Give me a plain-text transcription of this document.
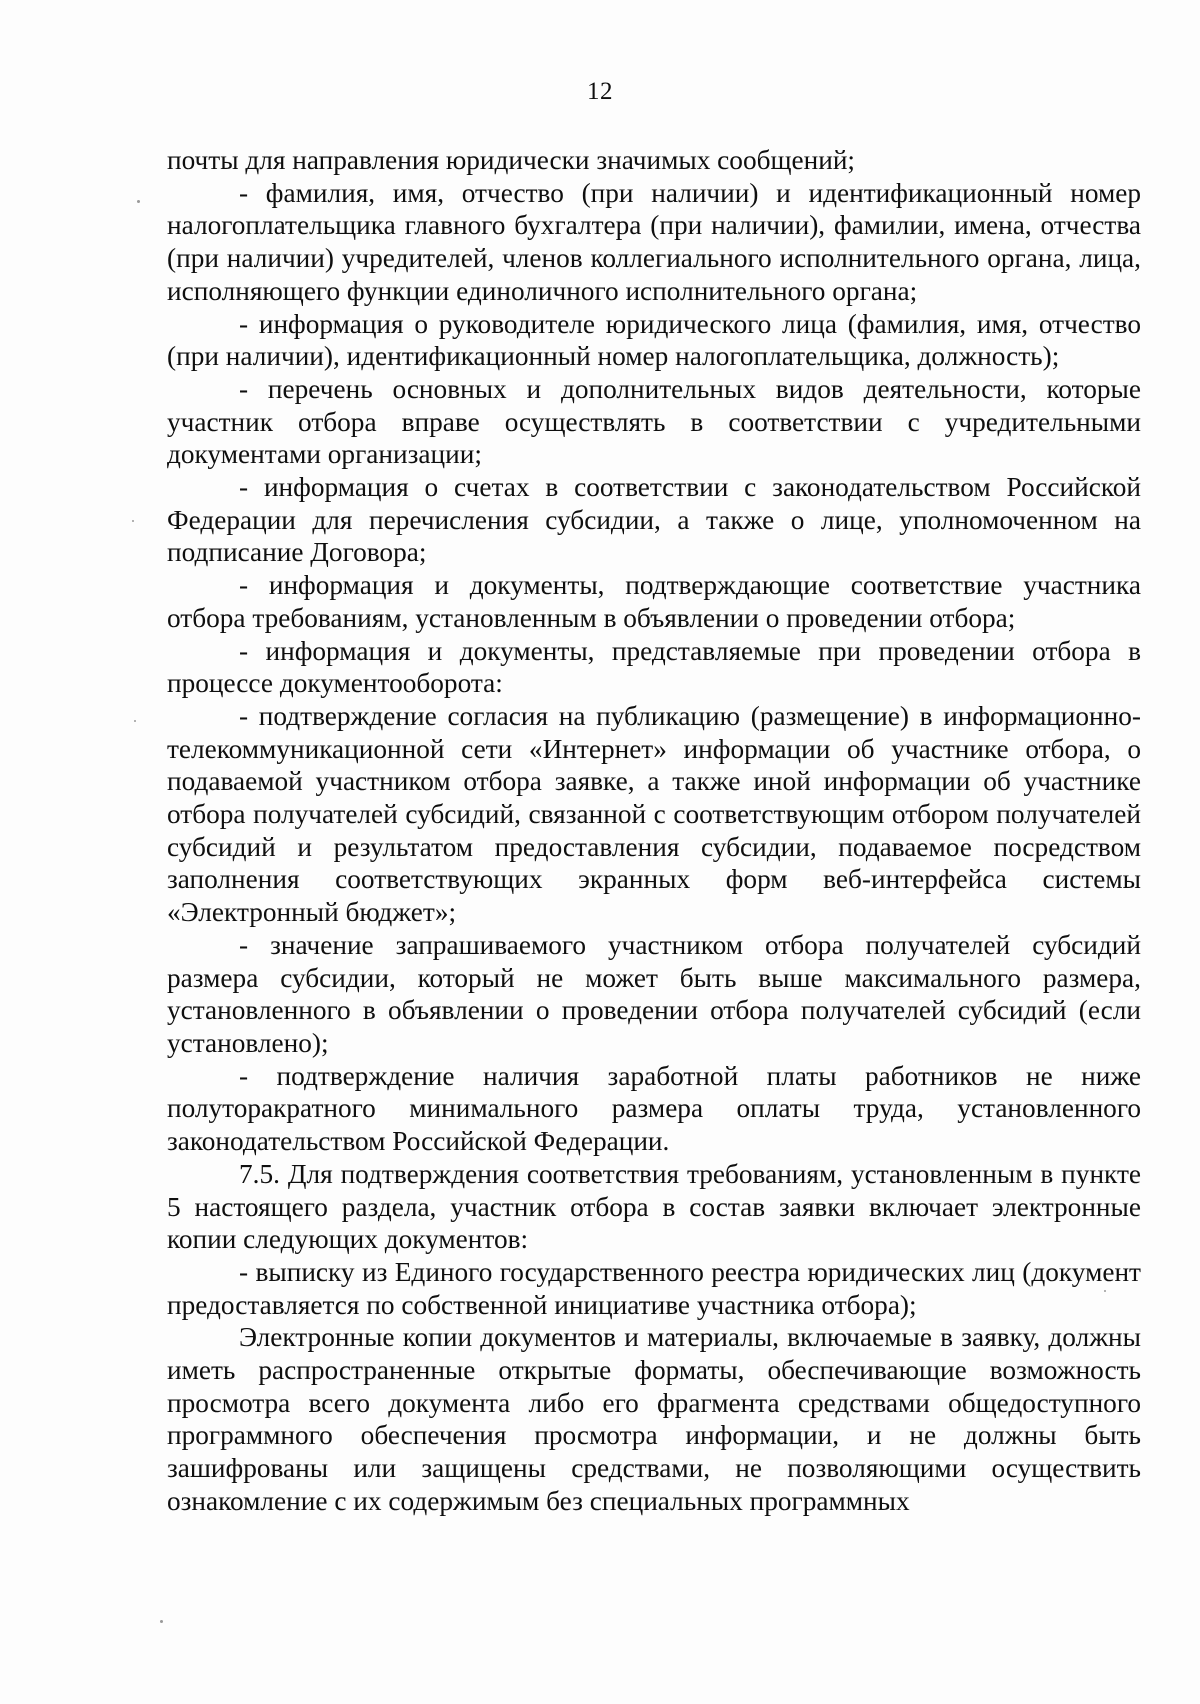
12

почты для направления юридически значимых сообщений;

- фамилия, имя, отчество (при наличии) и идентификационный номер налогоплательщика главного бухгалтера (при наличии), фамилии, имена, отчества (при наличии) учредителей, членов коллегиального исполнительного органа, лица, исполняющего функции единоличного исполнительного органа;

- информация о руководителе юридического лица (фамилия, имя, отчество (при наличии), идентификационный номер налогоплательщика, должность);

- перечень основных и дополнительных видов деятельности, которые участник отбора вправе осуществлять в соответствии с учредительными документами организации;

- информация о счетах в соответствии с законодательством Российской Федерации для перечисления субсидии, а также о лице, уполномоченном на подписание Договора;

- информация и документы, подтверждающие соответствие участника отбора требованиям, установленным в объявлении о проведении отбора;

- информация и документы, представляемые при проведении отбора в процессе документооборота:

- подтверждение согласия на публикацию (размещение) в информационно-телекоммуникационной сети «Интернет» информации об участнике отбора, о подаваемой участником отбора заявке, а также иной информации об участнике отбора получателей субсидий, связанной с соответствующим отбором получателей субсидий и результатом предоставления субсидии, подаваемое посредством заполнения соответствующих экранных форм веб-интерфейса системы «Электронный бюджет»;

- значение запрашиваемого участником отбора получателей субсидий размера субсидии, который не может быть выше максимального размера, установленного в объявлении о проведении отбора получателей субсидий (если установлено);

- подтверждение наличия заработной платы работников не ниже полуторакратного минимального размера оплаты труда, установленного законодательством Российской Федерации.

7.5. Для подтверждения соответствия требованиям, установленным в пункте 5 настоящего раздела, участник отбора в состав заявки включает электронные копии следующих документов:

- выписку из Единого государственного реестра юридических лиц (документ предоставляется по собственной инициативе участника отбора);

Электронные копии документов и материалы, включаемые в заявку, должны иметь распространенные открытые форматы, обеспечивающие возможность просмотра всего документа либо его фрагмента средствами общедоступного программного обеспечения просмотра информации, и не должны быть зашифрованы или защищены средствами, не позволяющими осуществить ознакомление с их содержимым без специальных программных
